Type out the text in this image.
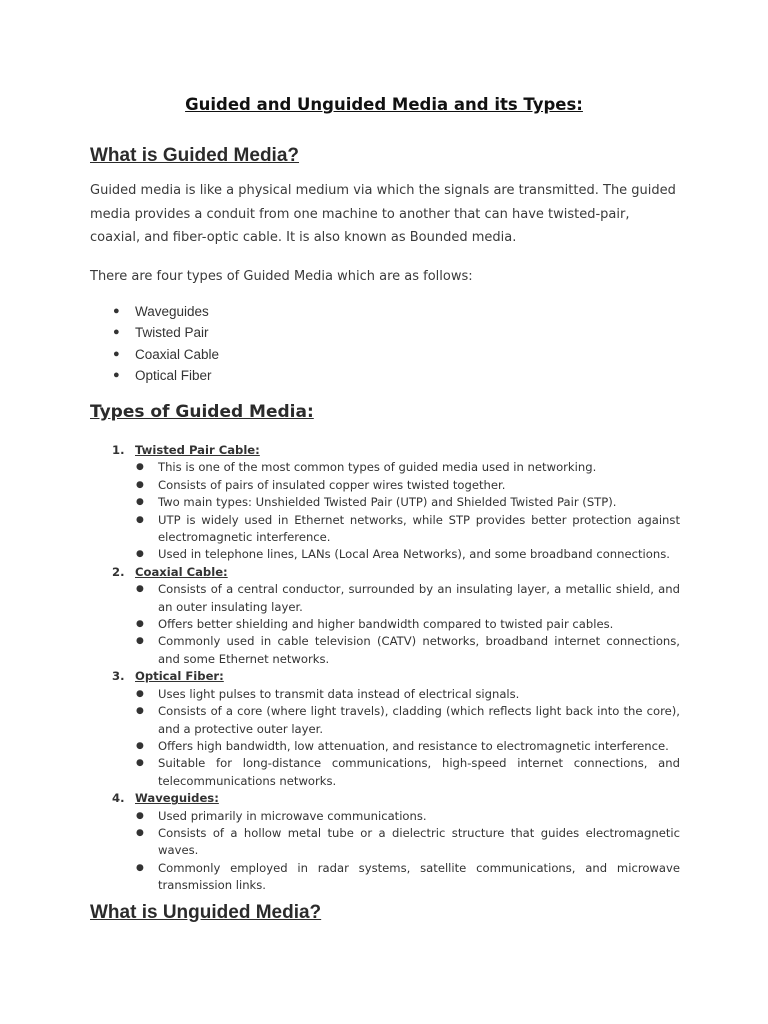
Guided and Unguided Media and its Types:
What is Guided Media?

Guided media is like a physical medium via which the signals are transmitted. The guided media provides a conduit from one machine to another that can have twisted-pair, coaxial, and fiber-optic cable. It is also known as Bounded media.

There are four types of Guided Media which are as follows:

● Waveguides
● Twisted Pair
● Coaxial Cable
● Optical Fiber
Types of Guided Media:
1. Twisted Pair Cable:
● This is one of the most common types of guided media used in networking.
● Consists of pairs of insulated copper wires twisted together.
● Two main types: Unshielded Twisted Pair (UTP) and Shielded Twisted Pair (STP).
● UTP is widely used in Ethernet networks, while STP provides better protection against electromagnetic interference.
● Used in telephone lines, LANs (Local Area Networks), and some broadband connections.
2. Coaxial Cable:
● Consists of a central conductor, surrounded by an insulating layer, a metallic shield, and an outer insulating layer.
● Offers better shielding and higher bandwidth compared to twisted pair cables.
● Commonly used in cable television (CATV) networks, broadband internet connections, and some Ethernet networks.
3. Optical Fiber:
● Uses light pulses to transmit data instead of electrical signals.
● Consists of a core (where light travels), cladding (which reflects light back into the core), and a protective outer layer.
● Offers high bandwidth, low attenuation, and resistance to electromagnetic interference.
● Suitable for long-distance communications, high-speed internet connections, and telecommunications networks.
4. Waveguides:
● Used primarily in microwave communications.
● Consists of a hollow metal tube or a dielectric structure that guides electromagnetic waves.
● Commonly employed in radar systems, satellite communications, and microwave transmission links.
What is Unguided Media?
